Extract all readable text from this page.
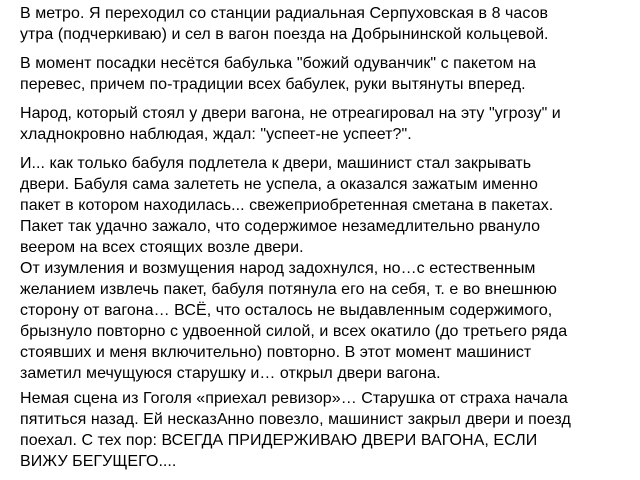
В метро. Я переходил со станции радиальная Серпуховская в 8 часов
утра (подчеркиваю) и сел в вагон поезда на Добрынинской кольцевой.
В момент посадки несётся бабулька "божий одуванчик" с пакетом на
перевес, причем по-традиции всех бабулек, руки вытянуты вперед.
Народ, который стоял у двери вагона, не отреагировал на эту "угрозу" и
хладнокровно наблюдая, ждал: "успеет-не успеет?".
И... как только бабуля подлетела к двери, машинист стал закрывать
двери. Бабуля сама залететь не успела, а оказался зажатым именно
пакет в котором находилась... свежеприобретенная сметана в пакетах.
Пакет так удачно зажало, что содержимое незамедлительно рвануло
веером на всех стоящих возле двери.
От изумления и возмущения народ задохнулся, но…с естественным
желанием извлечь пакет, бабуля потянула его на себя, т. е во внешнюю
сторону от вагона… ВСЁ, что осталось не выдавленным содержимого,
брызнуло повторно с удвоенной силой, и всех окатило (до третьего ряда
стоявших и меня включительно) повторно. В этот момент машинист
заметил мечущуюся старушку и… открыл двери вагона.
Немая сцена из Гоголя «приехал ревизор»… Старушка от страха начала
пятиться назад. Ей несказАнно повезло, машинист закрыл двери и поезд
поехал. С тех пор: ВСЕГДА ПРИДЕРЖИВАЮ ДВЕРИ ВАГОНА, ЕСЛИ
ВИЖУ БЕГУЩЕГО....
